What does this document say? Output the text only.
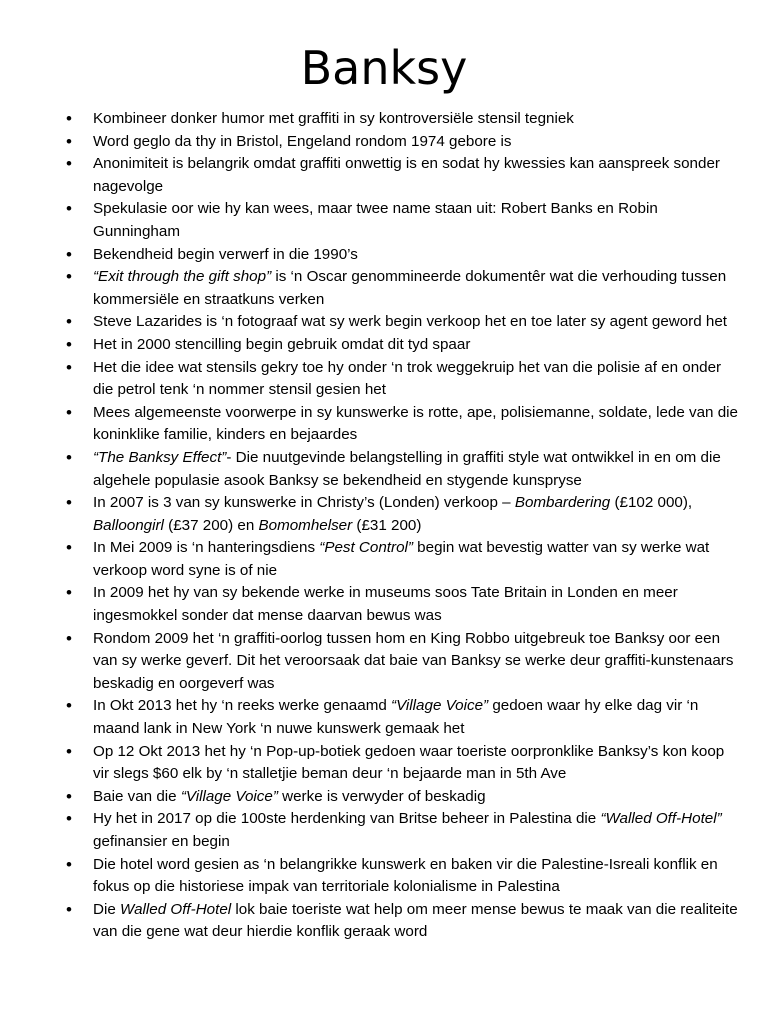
Banksy
• Kombineer donker humor met graffiti in sy kontroversiële stensil tegniek
• Word geglo da thy in Bristol, Engeland rondom 1974 gebore is
• Anonimiteit is belangrik omdat graffiti onwettig is en sodat hy kwessies kan aanspreek sonder nagevolge
• Spekulasie oor wie hy kan wees, maar twee name staan uit: Robert Banks en Robin Gunningham
• Bekendheid begin verwerf in die 1990’s
• “Exit through the gift shop” is ‘n Oscar genommineerde dokumentêr wat die verhouding tussen kommersiële en straatkuns verken
• Steve Lazarides is ‘n fotograaf wat sy werk begin verkoop het en toe later sy agent geword het
• Het in 2000 stencilling begin gebruik omdat dit tyd spaar
• Het die idee wat stensils gekry toe hy onder ‘n trok weggekruip het van die polisie af en onder die petrol tenk ‘n nommer stensil gesien het
• Mees algemeenste voorwerpe in sy kunswerke is rotte, ape, polisiemanne, soldate, lede van die koninklike familie, kinders en bejaardes
• “The Banksy Effect”- Die nuutgevinde belangstelling in graffiti style wat ontwikkel in en om die algehele populasie asook Banksy se bekendheid en stygende kunspryse
• In 2007 is 3 van sy kunswerke in Christy’s (Londen) verkoop – Bombardering (£102 000), Balloongirl (£37 200) en Bomomhelser (£31 200)
• In Mei 2009 is ‘n hanteringsdiens “Pest Control” begin wat bevestig watter van sy werke wat verkoop word syne is of nie
• In 2009 het hy van sy bekende werke in museums soos Tate Britain in Londen en meer ingesmokkel sonder dat mense daarvan bewus was
• Rondom 2009 het ‘n graffiti-oorlog tussen hom en King Robbo uitgebreuk toe Banksy oor een van sy werke geverf. Dit het veroorsaak dat baie van Banksy se werke deur graffiti-kunstenaars beskadig en oorgeverf was
• In Okt 2013 het hy ‘n reeks werke genaamd “Village Voice” gedoen waar hy elke dag vir ‘n maand lank in New York ‘n nuwe kunswerk gemaak het
• Op 12 Okt 2013 het hy ‘n Pop-up-botiek gedoen waar toeriste oorpronklike Banksy’s kon koop vir slegs $60 elk by ‘n stalletjie beman deur ‘n bejaarde man in 5th Ave
• Baie van die “Village Voice” werke is verwyder of beskadig
• Hy het in 2017 op die 100ste herdenking van Britse beheer in Palestina die “Walled Off-Hotel” gefinansier en begin
• Die hotel word gesien as ‘n belangrikke kunswerk en baken vir die Palestine-Isreali konflik en fokus op die historiese impak van territoriale kolonialisme in Palestina
• Die Walled Off-Hotel lok baie toeriste wat help om meer mense bewus te maak van die realiteite van die gene wat deur hierdie konflik geraak word
